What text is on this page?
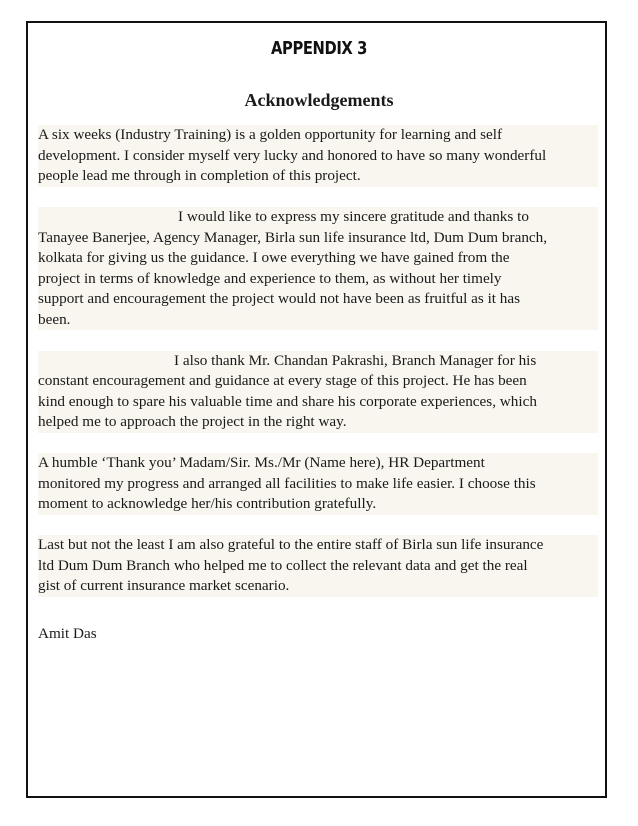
APPENDIX 3
Acknowledgements

A six weeks (Industry Training) is a golden opportunity for learning and self
development. I consider myself very lucky and honored to have so many wonderful
people lead me through in completion of this project.

I would like to express my sincere gratitude and thanks to
Tanayee Banerjee, Agency Manager, Birla sun life insurance ltd, Dum Dum branch,
kolkata for giving us the guidance. I owe everything we have gained from the
project in terms of knowledge and experience to them, as without her timely
support and encouragement the project would not have been as fruitful as it has
been.

I also thank Mr. Chandan Pakrashi, Branch Manager for his
constant encouragement and guidance at every stage of this project. He has been
kind enough to spare his valuable time and share his corporate experiences, which
helped me to approach the project in the right way.

A humble ‘Thank you’ Madam/Sir. Ms./Mr (Name here), HR Department
monitored my progress and arranged all facilities to make life easier. I choose this
moment to acknowledge her/his contribution gratefully.

Last but not the least I am also grateful to the entire staff of Birla sun life insurance
ltd Dum Dum Branch who helped me to collect the relevant data and get the real
gist of current insurance market scenario.

Amit Das
